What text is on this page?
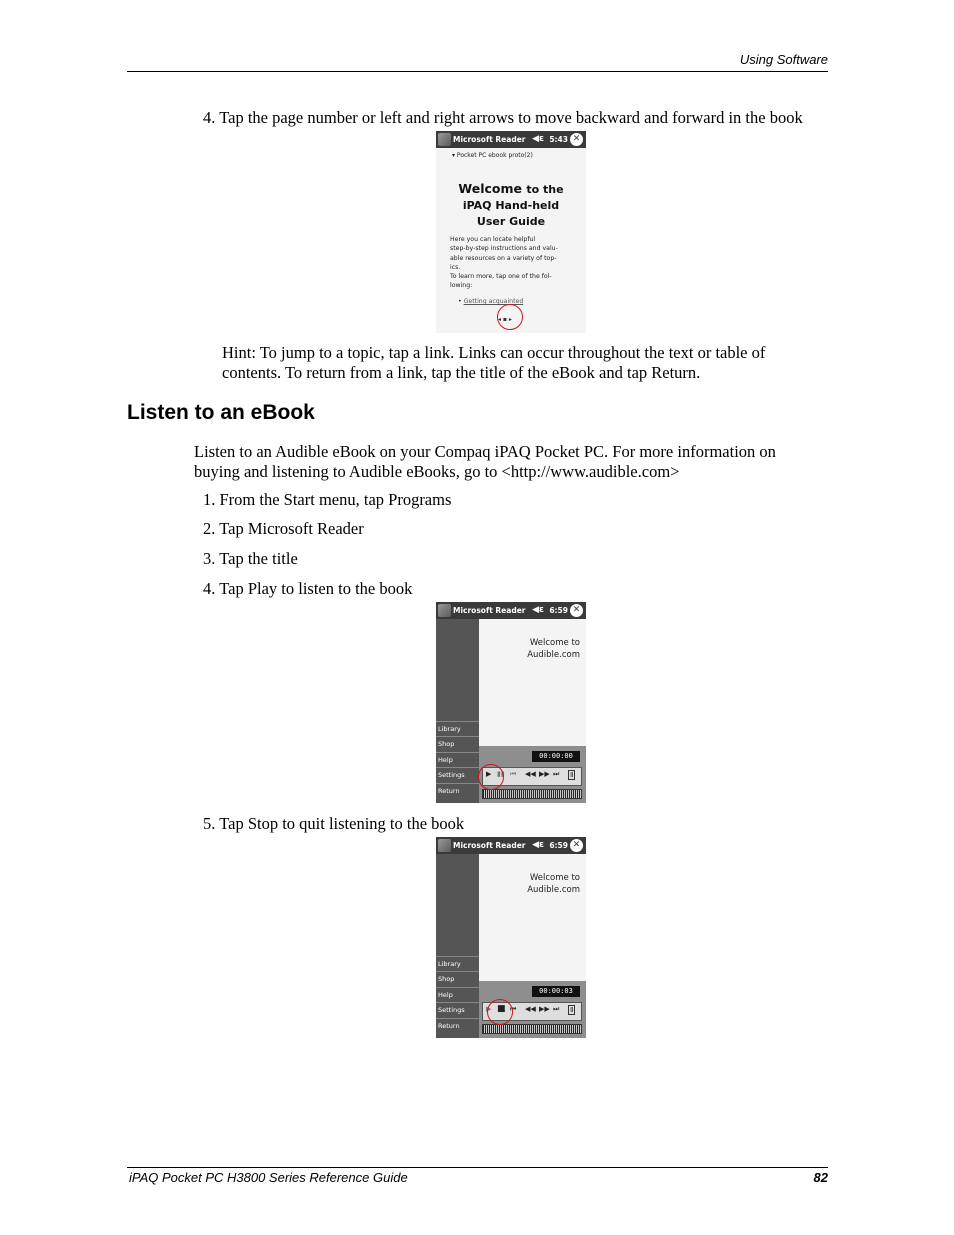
Using Software
4. Tap the page number or left and right arrows to move backward and forward in the book
Microsoft Reader ◀ε 5:43 ✕
▾ Pocket PC ebook proto(2)
Welcome to the
iPAQ Hand-held
User Guide
Here you can locate helpful
step-by-step instructions and valu-
able resources on a variety of top-
ics.
To learn more, tap one of the fol-
lowing:
• Getting acquainted
◂ ▪ ▸
Hint: To jump to a topic, tap a link. Links can occur throughout the text or table of
contents. To return from a link, tap the title of the eBook and tap Return.
Listen to an eBook
Listen to an Audible eBook on your Compaq iPAQ Pocket PC. For more information on
buying and listening to Audible eBooks, go to <http://www.audible.com>
1. From the Start menu, tap Programs
2. Tap Microsoft Reader
3. Tap the title
4. Tap Play to listen to the book
Microsoft Reader ◀ε 6:59 ✕
Library
Shop
Help
Settings
Return
Welcome to
Audible.com
00:00:00
▶ ▮▮ ⏮ ◀◀ ▶▶ ⏭ Ⅱ
5. Tap Stop to quit listening to the book
Microsoft Reader ◀ε 6:59 ✕
Library
Shop
Help
Settings
Return
Welcome to
Audible.com
00:00:03
▶ ■ ⏮ ◀◀ ▶▶ ⏭ Ⅱ
iPAQ Pocket PC H3800 Series Reference Guide	82
